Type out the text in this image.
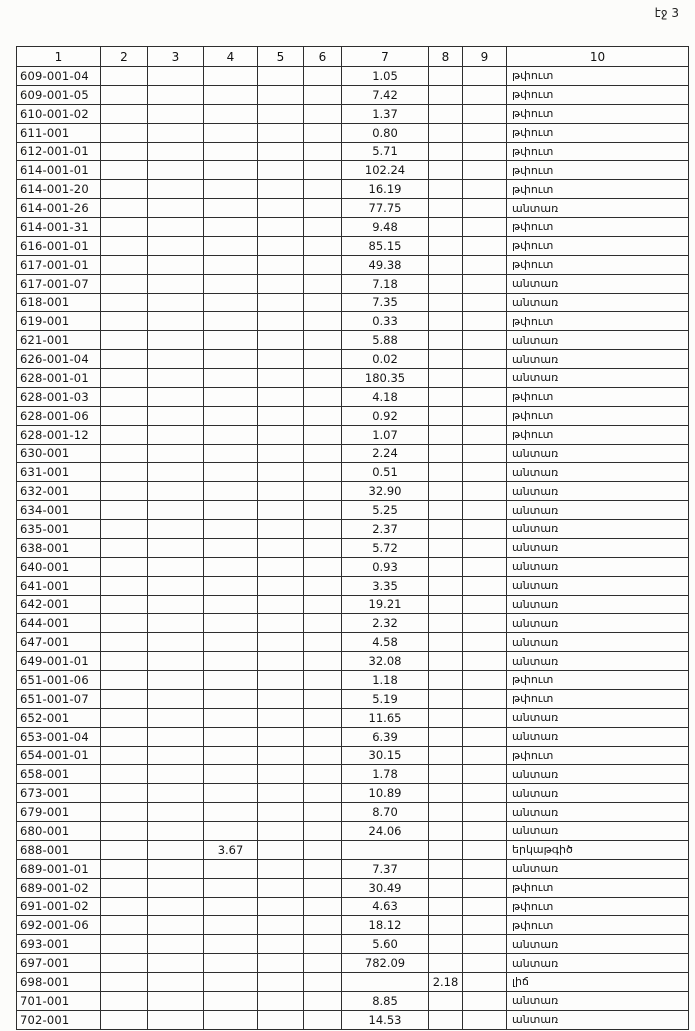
էջ 3
1	2	3	4	5	6	7	8	9	10
609-001-04						1.05			թփուտ
609-001-05						7.42			թփուտ
610-001-02						1.37			թփուտ
611-001						0.80			թփուտ
612-001-01						5.71			թփուտ
614-001-01						102.24			թփուտ
614-001-20						16.19			թփուտ
614-001-26						77.75			անտառ
614-001-31						9.48			թփուտ
616-001-01						85.15			թփուտ
617-001-01						49.38			թփուտ
617-001-07						7.18			անտառ
618-001						7.35			անտառ
619-001						0.33			թփուտ
621-001						5.88			անտառ
626-001-04						0.02			անտառ
628-001-01						180.35			անտառ
628-001-03						4.18			թփուտ
628-001-06						0.92			թփուտ
628-001-12						1.07			թփուտ
630-001						2.24			անտառ
631-001						0.51			անտառ
632-001						32.90			անտառ
634-001						5.25			անտառ
635-001						2.37			անտառ
638-001						5.72			անտառ
640-001						0.93			անտառ
641-001						3.35			անտառ
642-001						19.21			անտառ
644-001						2.32			անտառ
647-001						4.58			անտառ
649-001-01						32.08			անտառ
651-001-06						1.18			թփուտ
651-001-07						5.19			թփուտ
652-001						11.65			անտառ
653-001-04						6.39			անտառ
654-001-01						30.15			թփուտ
658-001						1.78			անտառ
673-001						10.89			անտառ
679-001						8.70			անտառ
680-001						24.06			անտառ
688-001			3.67						երկաթգիծ
689-001-01						7.37			անտառ
689-001-02						30.49			թփուտ
691-001-02						4.63			թփուտ
692-001-06						18.12			թփուտ
693-001						5.60			անտառ
697-001						782.09			անտառ
698-001							2.18		լիճ
701-001						8.85			անտառ
702-001						14.53			անտառ
